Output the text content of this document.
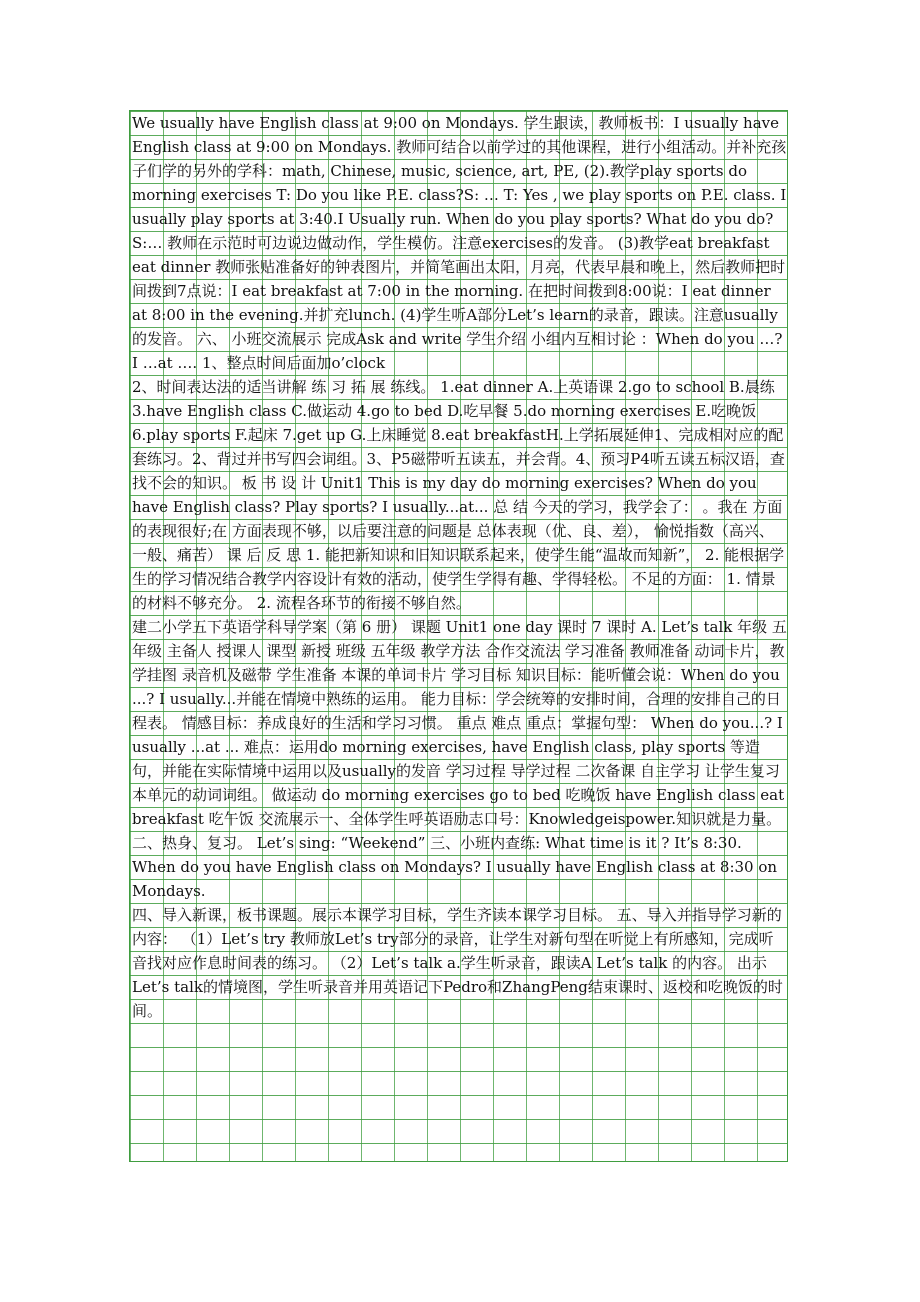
We usually have English class at 9:00 on Mondays. 学生跟读，教师板书：I usually have English class at 9:00 on Mondays. 教师可结合以前学过的其他课程，进行小组活动。并补充孩子们学的另外的学科：math, Chinese, music, science, art, PE, (2).教学play sports do morning exercises T: Do you like P.E. class?S: … T: Yes , we play sports on P.E. class. I usually play sports at 3:40.I Usually run. When do you play sports? What do you do?S:… 教师在示范时可边说边做动作，学生模仿。注意exercises的发音。 (3)教学eat breakfast eat dinner 教师张贴准备好的钟表图片，并简笔画出太阳，月亮，代表早晨和晚上，然后教师把时间拨到7点说：I eat breakfast at 7:00 in the morning. 在把时间拨到8:00说：I eat dinner at 8:00 in the evening.并扩充lunch. (4)学生听A部分Let’s learn的录音，跟读。注意usually的发音。 六、 小班交流展示 完成Ask and write 学生介绍 小组内互相讨论 ：When do you …?I …at …. 1、整点时间后面加o’clock
2、时间表达法的适当讲解 练 习 拓 展 练线。 1.eat dinner A.上英语课 2.go to school B.晨练 3.have English class C.做运动 4.go to bed D.吃早餐 5.do morning exercises E.吃晚饭 6.play sports F.起床 7.get up G.上床睡觉 8.eat breakfastH.上学拓展延伸1、完成相对应的配套练习。2、背过并书写四会词组。3、P5磁带听五读五，并会背。4、预习P4听五读五标汉语，查找不会的知识。 板 书 设 计 Unit1 This is my day do morning exercises? When do you have English class? Play sports? I usually...at... 总 结 今天的学习，我学会了： 。我在 方面的表现很好;在 方面表现不够，以后要注意的问题是 总体表现（优、良、差）， 愉悦指数（高兴、一般、痛苦） 课 后 反 思 1. 能把新知识和旧知识联系起来，使学生能“温故而知新”， 2. 能根据学生的学习情况结合教学内容设计有效的活动，使学生学得有趣、学得轻松。 不足的方面： 1. 情景的材料不够充分。 2. 流程各环节的衔接不够自然。
建二小学五下英语学科导学案（第 6 册） 课题 Unit1 one day 课时 7 课时 A. Let’s talk 年级 五年级 主备人 授课人 课型 新授 班级 五年级 教学方法 合作交流法 学习准备 教师准备 动词卡片，教学挂图 录音机及磁带 学生准备 本课的单词卡片 学习目标 知识目标：能听懂会说：When do you ...? I usually...并能在情境中熟练的运用。 能力目标：学会统筹的安排时间，合理的安排自己的日程表。 情感目标：养成良好的生活和学习习惯。 重点 难点 重点：掌握句型： When do you...? I usually ...at ... 难点：运用do morning exercises, have English class, play sports 等造句，并能在实际情境中运用以及usually的发音 学习过程 导学过程 二次备课 自主学习 让学生复习本单元的动词词组。 做运动 do morning exercises go to bed 吃晚饭 have English class eat breakfast 吃午饭 交流展示一、全体学生呼英语励志口号：Knowledgeispower.知识就是力量。二、热身、复习。 Let’s sing: “Weekend” 三、小班内查练: What time is it ? It’s 8:30. When do you have English class on Mondays? I usually have English class at 8:30 on Mondays.
四、导入新课，板书课题。展示本课学习目标，学生齐读本课学习目标。 五、导入并指导学习新的内容： （1）Let’s try 教师放Let’s try部分的录音，让学生对新句型在听觉上有所感知，完成听音找对应作息时间表的练习。 （2）Let’s talk a.学生听录音，跟读A Let’s talk 的内容。 出示Let’s talk的情境图，学生听录音并用英语记下Pedro和ZhangPeng结束课时、返校和吃晚饭的时间。
